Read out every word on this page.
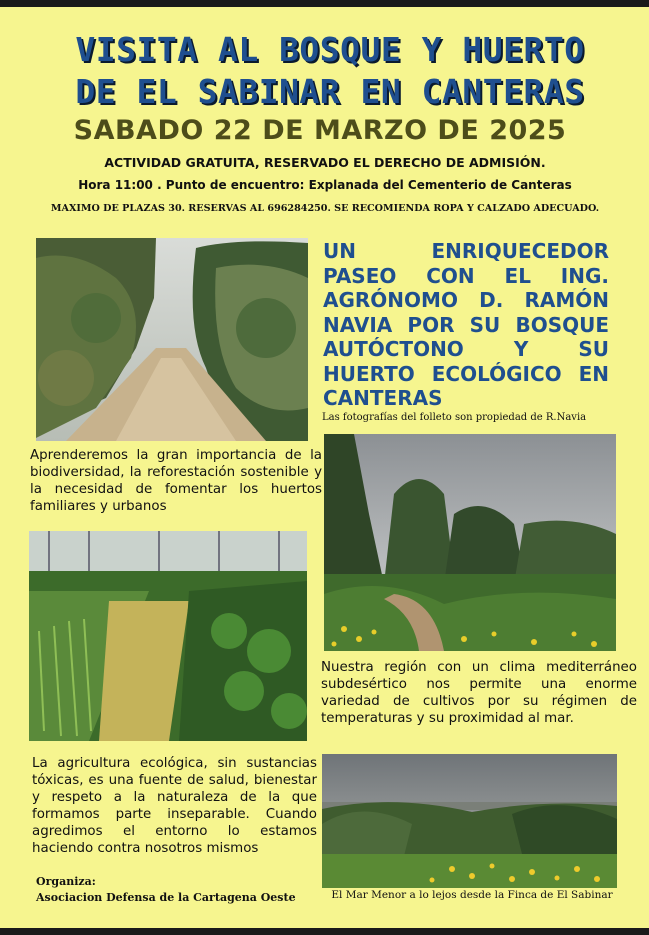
VISITA AL BOSQUE Y HUERTO
DE EL SABINAR EN CANTERAS
SABADO 22 DE MARZO DE 2025
ACTIVIDAD GRATUITA, RESERVADO EL DERECHO DE ADMISIÓN.
Hora 11:00 . Punto de encuentro: Explanada del Cementerio de Canteras
MAXIMO DE PLAZAS 30. RESERVAS AL 696284250. SE RECOMIENDA ROPA Y CALZADO ADECUADO.
UN ENRIQUECEDOR PASEO CON EL ING. AGRÓNOMO D. RAMÓN NAVIA POR SU BOSQUE AUTÓCTONO Y SU HUERTO ECOLÓGICO EN CANTERAS
Las fotografías del folleto son propiedad de R.Navia
Aprenderemos la gran importancia de la biodiversidad, la reforestación sostenible y la necesidad de fomentar los huertos familiares y urbanos
Nuestra región con un clima mediterráneo subdesértico nos permite una enorme variedad de cultivos por su régimen de temperaturas y su proximidad al mar.
La agricultura ecológica, sin sustancias tóxicas, es una fuente de salud, bienestar y respeto a la naturaleza de la que formamos parte inseparable. Cuando agredimos el entorno lo estamos haciendo contra nosotros mismos
Organiza:
Asociacion Defensa de la Cartagena Oeste	El Mar Menor a lo lejos desde la Finca de El Sabinar
